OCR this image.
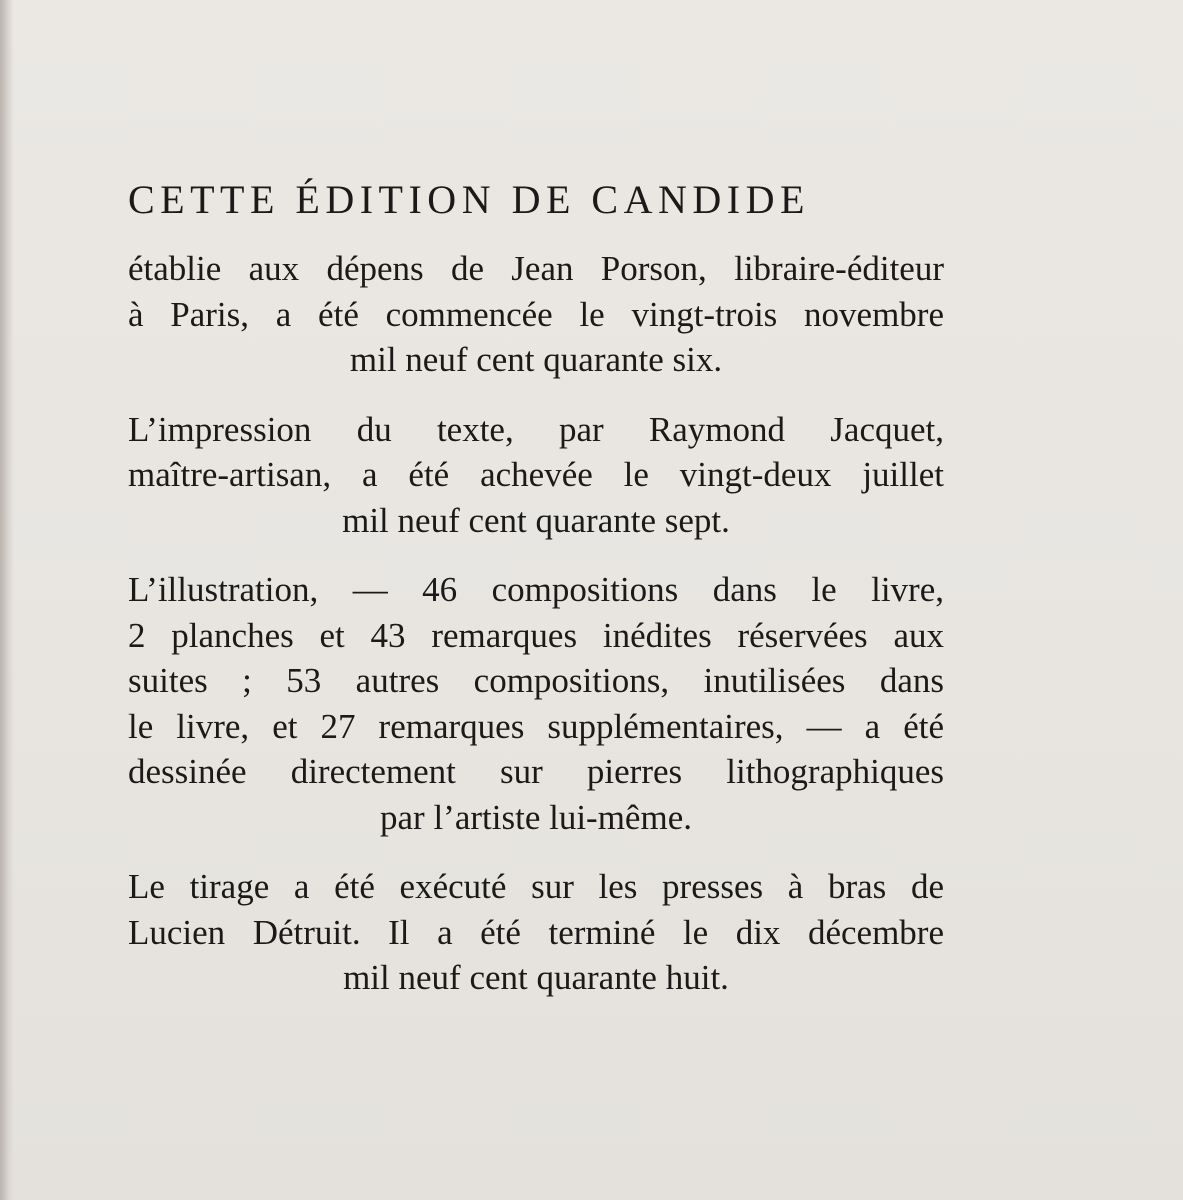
CETTE ÉDITION DE CANDIDE

établie aux dépens de Jean Porson, libraire-éditeur
à Paris, a été commencée le vingt-trois novembre
mil neuf cent quarante six.

L’impression du texte, par Raymond Jacquet,
maître-artisan, a été achevée le vingt-deux juillet
mil neuf cent quarante sept.

L’illustration, — 46 compositions dans le livre,
2 planches et 43 remarques inédites réservées aux
suites ; 53 autres compositions, inutilisées dans
le livre, et 27 remarques supplémentaires, — a été
dessinée directement sur pierres lithographiques
par l’artiste lui-même.

Le tirage a été exécuté sur les presses à bras de
Lucien Détruit. Il a été terminé le dix décembre
mil neuf cent quarante huit.
